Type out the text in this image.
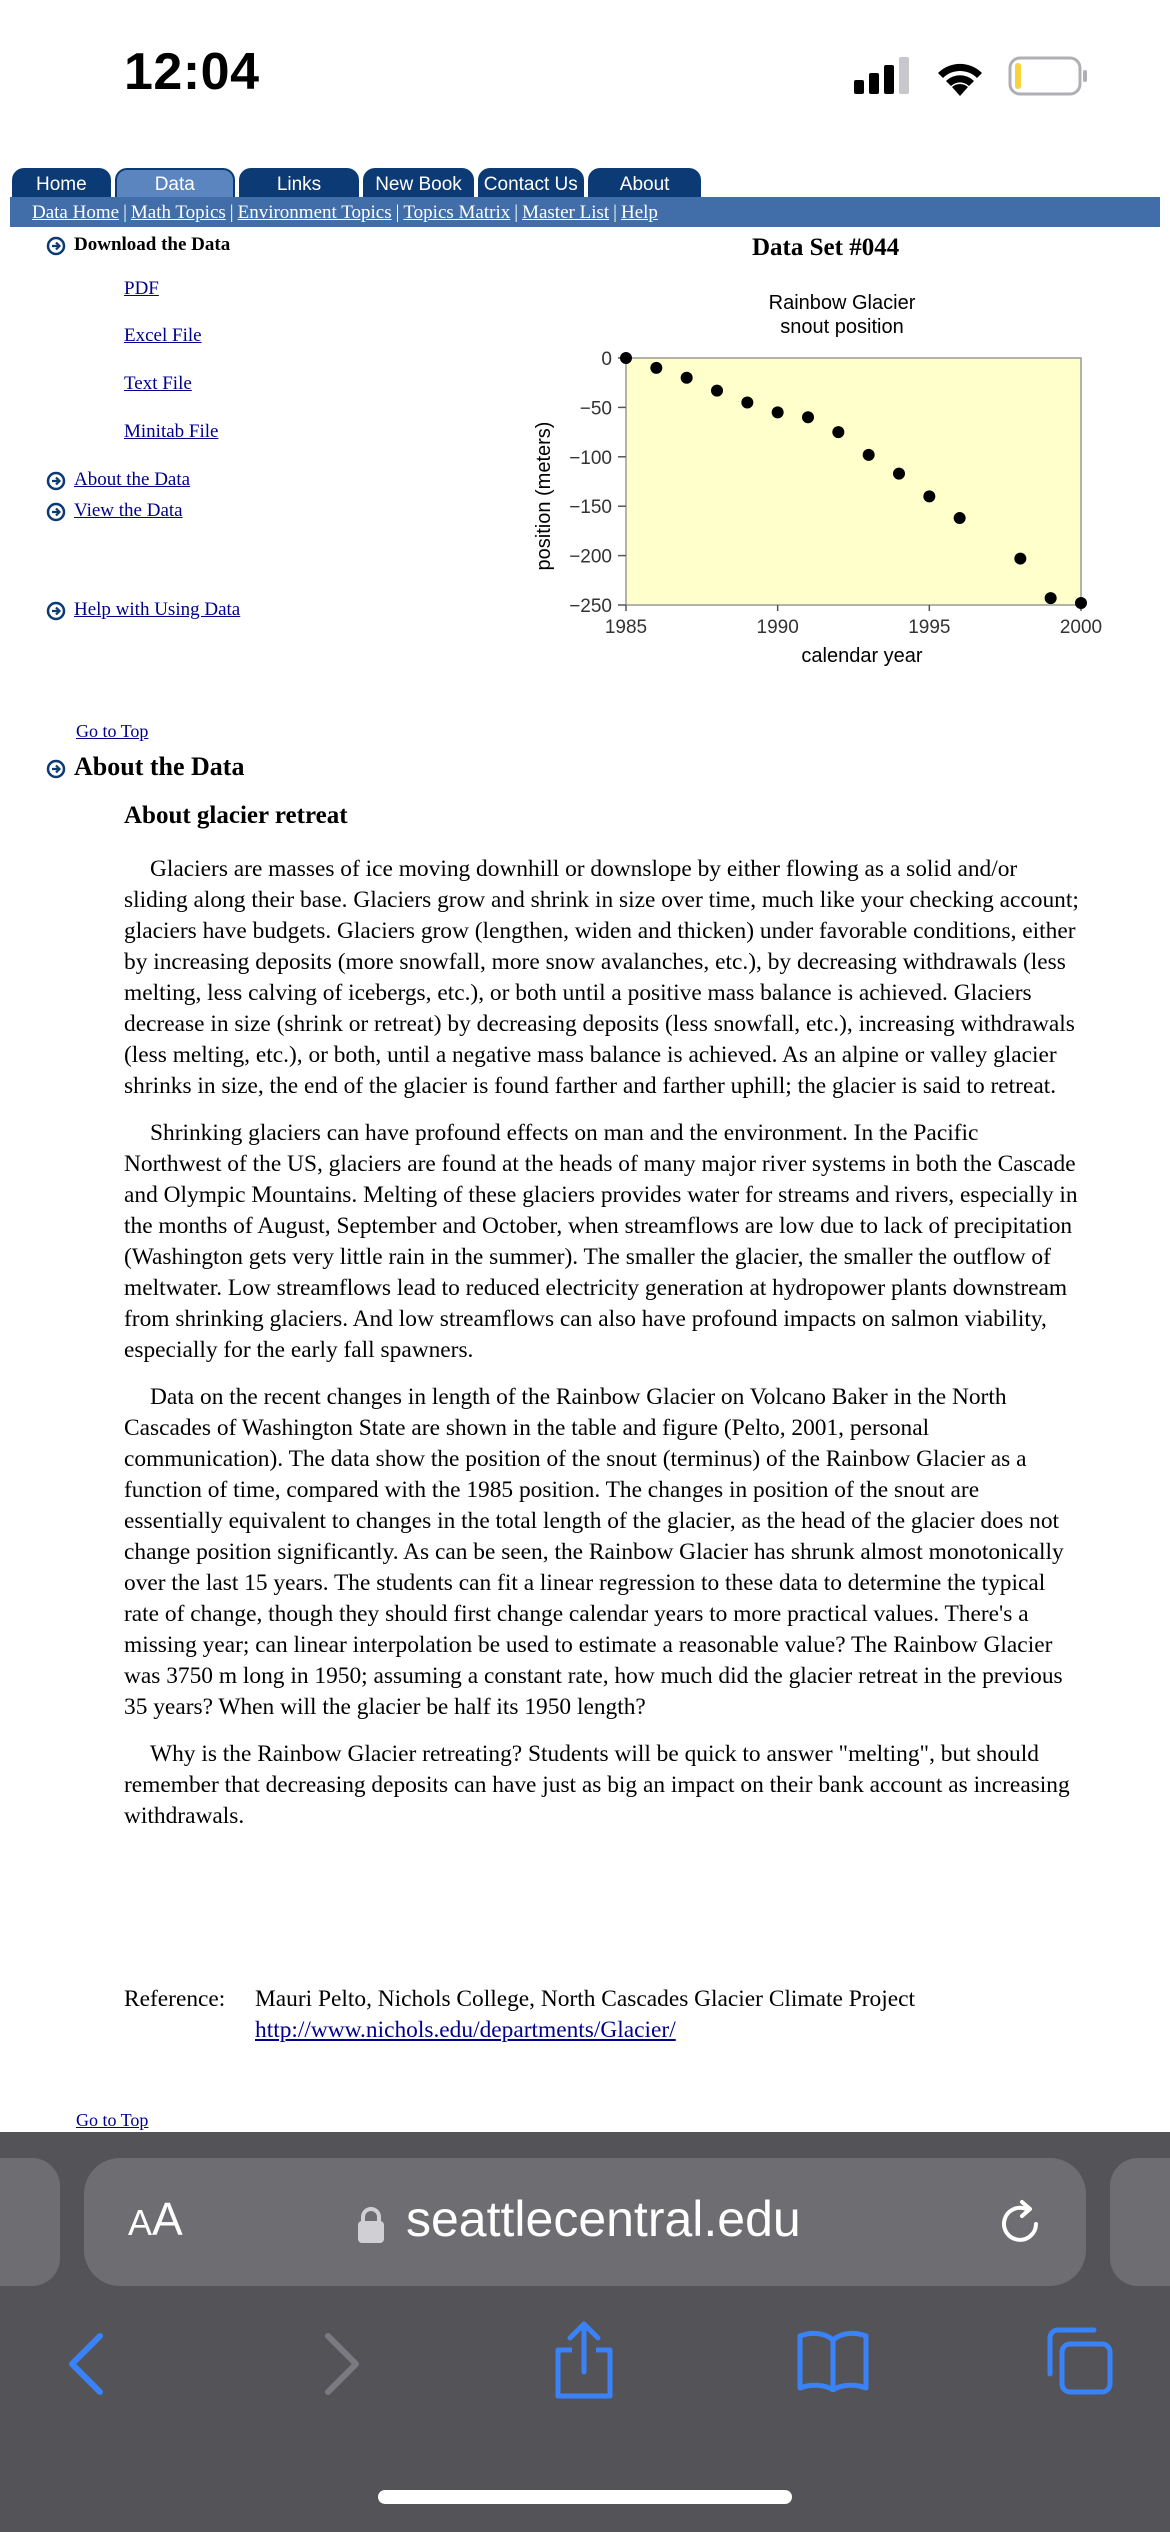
12:04
Home	Data	Links	New Book	Contact Us	About
Data Home | Math Topics | Environment Topics | Topics Matrix | Master List | Help
Download the Data
PDF
Excel File
Text File
Minitab File
About the Data
View the Data
Help with Using Data
Data Set #044
Rainbow Glacier
snout position
0
−50
−100
−150
−200
−250
1985	1990	1995	2000
calendar year
position (meters)
Go to Top
About the Data
About glacier retreat

Glaciers are masses of ice moving downhill or downslope by either flowing as a solid and/or sliding along their base. Glaciers grow and shrink in size over time, much like your checking account; glaciers have budgets. Glaciers grow (lengthen, widen and thicken) under favorable conditions, either by increasing deposits (more snowfall, more snow avalanches, etc.), by decreasing withdrawals (less melting, less calving of icebergs, etc.), or both until a positive mass balance is achieved. Glaciers decrease in size (shrink or retreat) by decreasing deposits (less snowfall, etc.), increasing withdrawals (less melting, etc.), or both, until a negative mass balance is achieved. As an alpine or valley glacier shrinks in size, the end of the glacier is found farther and farther uphill; the glacier is said to retreat.

Shrinking glaciers can have profound effects on man and the environment. In the Pacific Northwest of the US, glaciers are found at the heads of many major river systems in both the Cascade and Olympic Mountains. Melting of these glaciers provides water for streams and rivers, especially in the months of August, September and October, when streamflows are low due to lack of precipitation (Washington gets very little rain in the summer). The smaller the glacier, the smaller the outflow of meltwater. Low streamflows lead to reduced electricity generation at hydropower plants downstream from shrinking glaciers. And low streamflows can also have profound impacts on salmon viability, especially for the early fall spawners.

Data on the recent changes in length of the Rainbow Glacier on Volcano Baker in the North Cascades of Washington State are shown in the table and figure (Pelto, 2001, personal communication). The data show the position of the snout (terminus) of the Rainbow Glacier as a function of time, compared with the 1985 position. The changes in position of the snout are essentially equivalent to changes in the total length of the glacier, as the head of the glacier does not change position significantly. As can be seen, the Rainbow Glacier has shrunk almost monotonically over the last 15 years. The students can fit a linear regression to these data to determine the typical rate of change, though they should first change calendar years to more practical values. There's a missing year; can linear interpolation be used to estimate a reasonable value? The Rainbow Glacier was 3750 m long in 1950; assuming a constant rate, how much did the glacier retreat in the previous 35 years? When will the glacier be half its 1950 length?

Why is the Rainbow Glacier retreating? Students will be quick to answer "melting", but should remember that decreasing deposits can have just as big an impact on their bank account as increasing withdrawals.

Reference: Mauri Pelto, Nichols College, North Cascades Glacier Climate Project
http://www.nichols.edu/departments/Glacier/
Go to Top
AA	seattlecentral.edu
